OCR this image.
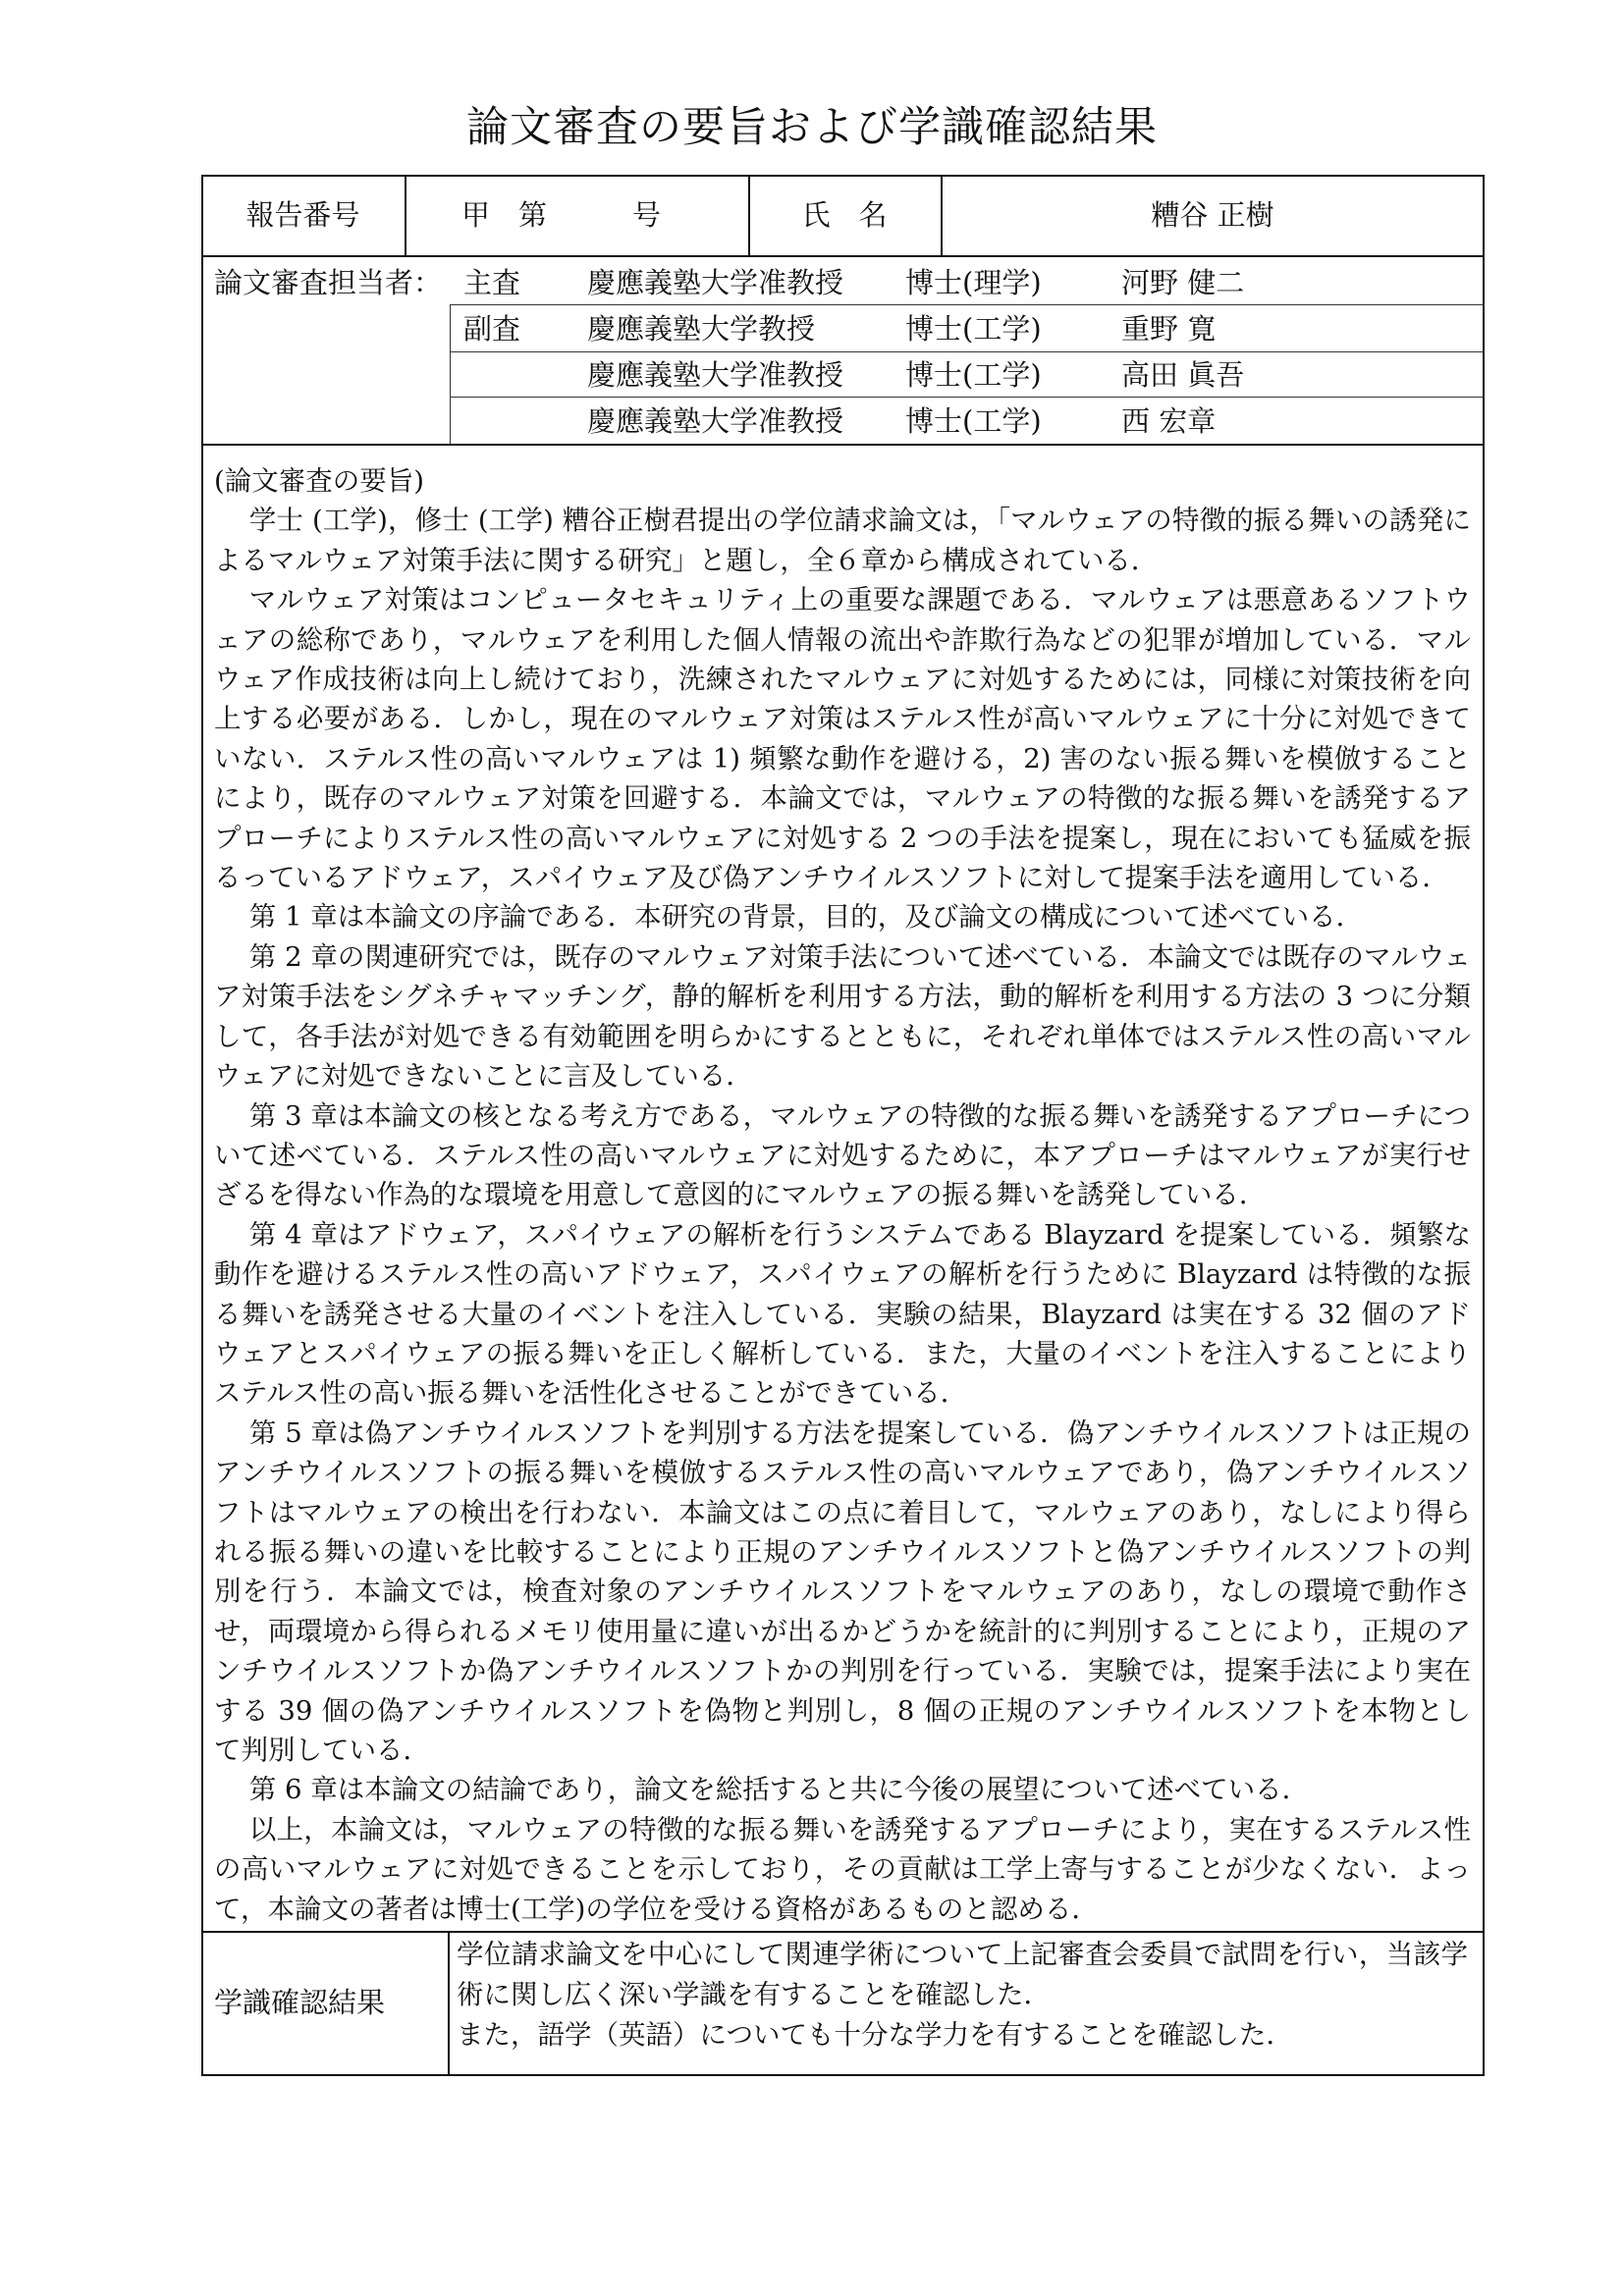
論文審査の要旨および学識確認結果
報告番号	甲　第　　　号	氏　名	糟谷 正樹
論文審査担当者： 主査 慶應義塾大学准教授 博士(理学)	河野 健二
副査 慶應義塾大学教授	博士(工学)	重野 寛
慶應義塾大学准教授 博士(工学)	高田 眞吾
慶應義塾大学准教授 博士(工学)	西 宏章

(論文審査の要旨)

学士 (工学)，修士 (工学) 糟谷正樹君提出の学位請求論文は，「マルウェアの特徴的振る舞いの誘発によるマルウェア対策手法に関する研究」と題し，全６章から構成されている．

マルウェア対策はコンピュータセキュリティ上の重要な課題である．マルウェアは悪意あるソフトウェアの総称であり，マルウェアを利用した個人情報の流出や詐欺行為などの犯罪が増加している．マルウェア作成技術は向上し続けており，洗練されたマルウェアに対処するためには，同様に対策技術を向上する必要がある．しかし，現在のマルウェア対策はステルス性が高いマルウェアに十分に対処できていない．ステルス性の高いマルウェアは 1) 頻繁な動作を避ける，2) 害のない振る舞いを模倣することにより，既存のマルウェア対策を回避する．本論文では，マルウェアの特徴的な振る舞いを誘発するアプローチによりステルス性の高いマルウェアに対処する 2 つの手法を提案し，現在においても猛威を振るっているアドウェア，スパイウェア及び偽アンチウイルスソフトに対して提案手法を適用している．

第 1 章は本論文の序論である．本研究の背景，目的，及び論文の構成について述べている．

第 2 章の関連研究では，既存のマルウェア対策手法について述べている．本論文では既存のマルウェア対策手法をシグネチャマッチング，静的解析を利用する方法，動的解析を利用する方法の 3 つに分類して，各手法が対処できる有効範囲を明らかにするとともに，それぞれ単体ではステルス性の高いマルウェアに対処できないことに言及している．

第 3 章は本論文の核となる考え方である，マルウェアの特徴的な振る舞いを誘発するアプローチについて述べている．ステルス性の高いマルウェアに対処するために，本アプローチはマルウェアが実行せざるを得ない作為的な環境を用意して意図的にマルウェアの振る舞いを誘発している．

第 4 章はアドウェア，スパイウェアの解析を行うシステムである Blayzard を提案している．頻繁な動作を避けるステルス性の高いアドウェア，スパイウェアの解析を行うために Blayzard は特徴的な振る舞いを誘発させる大量のイベントを注入している．実験の結果，Blayzard は実在する 32 個のアドウェアとスパイウェアの振る舞いを正しく解析している．また，大量のイベントを注入することによりステルス性の高い振る舞いを活性化させることができている．

第 5 章は偽アンチウイルスソフトを判別する方法を提案している．偽アンチウイルスソフトは正規のアンチウイルスソフトの振る舞いを模倣するステルス性の高いマルウェアであり，偽アンチウイルスソフトはマルウェアの検出を行わない．本論文はこの点に着目して，マルウェアのあり，なしにより得られる振る舞いの違いを比較することにより正規のアンチウイルスソフトと偽アンチウイルスソフトの判別を行う．本論文では，検査対象のアンチウイルスソフトをマルウェアのあり，なしの環境で動作させ，両環境から得られるメモリ使用量に違いが出るかどうかを統計的に判別することにより，正規のアンチウイルスソフトか偽アンチウイルスソフトかの判別を行っている．実験では，提案手法により実在する 39 個の偽アンチウイルスソフトを偽物と判別し，8 個の正規のアンチウイルスソフトを本物として判別している．

第 6 章は本論文の結論であり，論文を総括すると共に今後の展望について述べている．

以上，本論文は，マルウェアの特徴的な振る舞いを誘発するアプローチにより，実在するステルス性の高いマルウェアに対処できることを示しており，その貢献は工学上寄与することが少なくない．よって，本論文の著者は博士(工学)の学位を受ける資格があるものと認める．

学識確認結果

学位請求論文を中心にして関連学術について上記審査会委員で試問を行い，当該学術に関し広く深い学識を有することを確認した．

また，語学（英語）についても十分な学力を有することを確認した．
